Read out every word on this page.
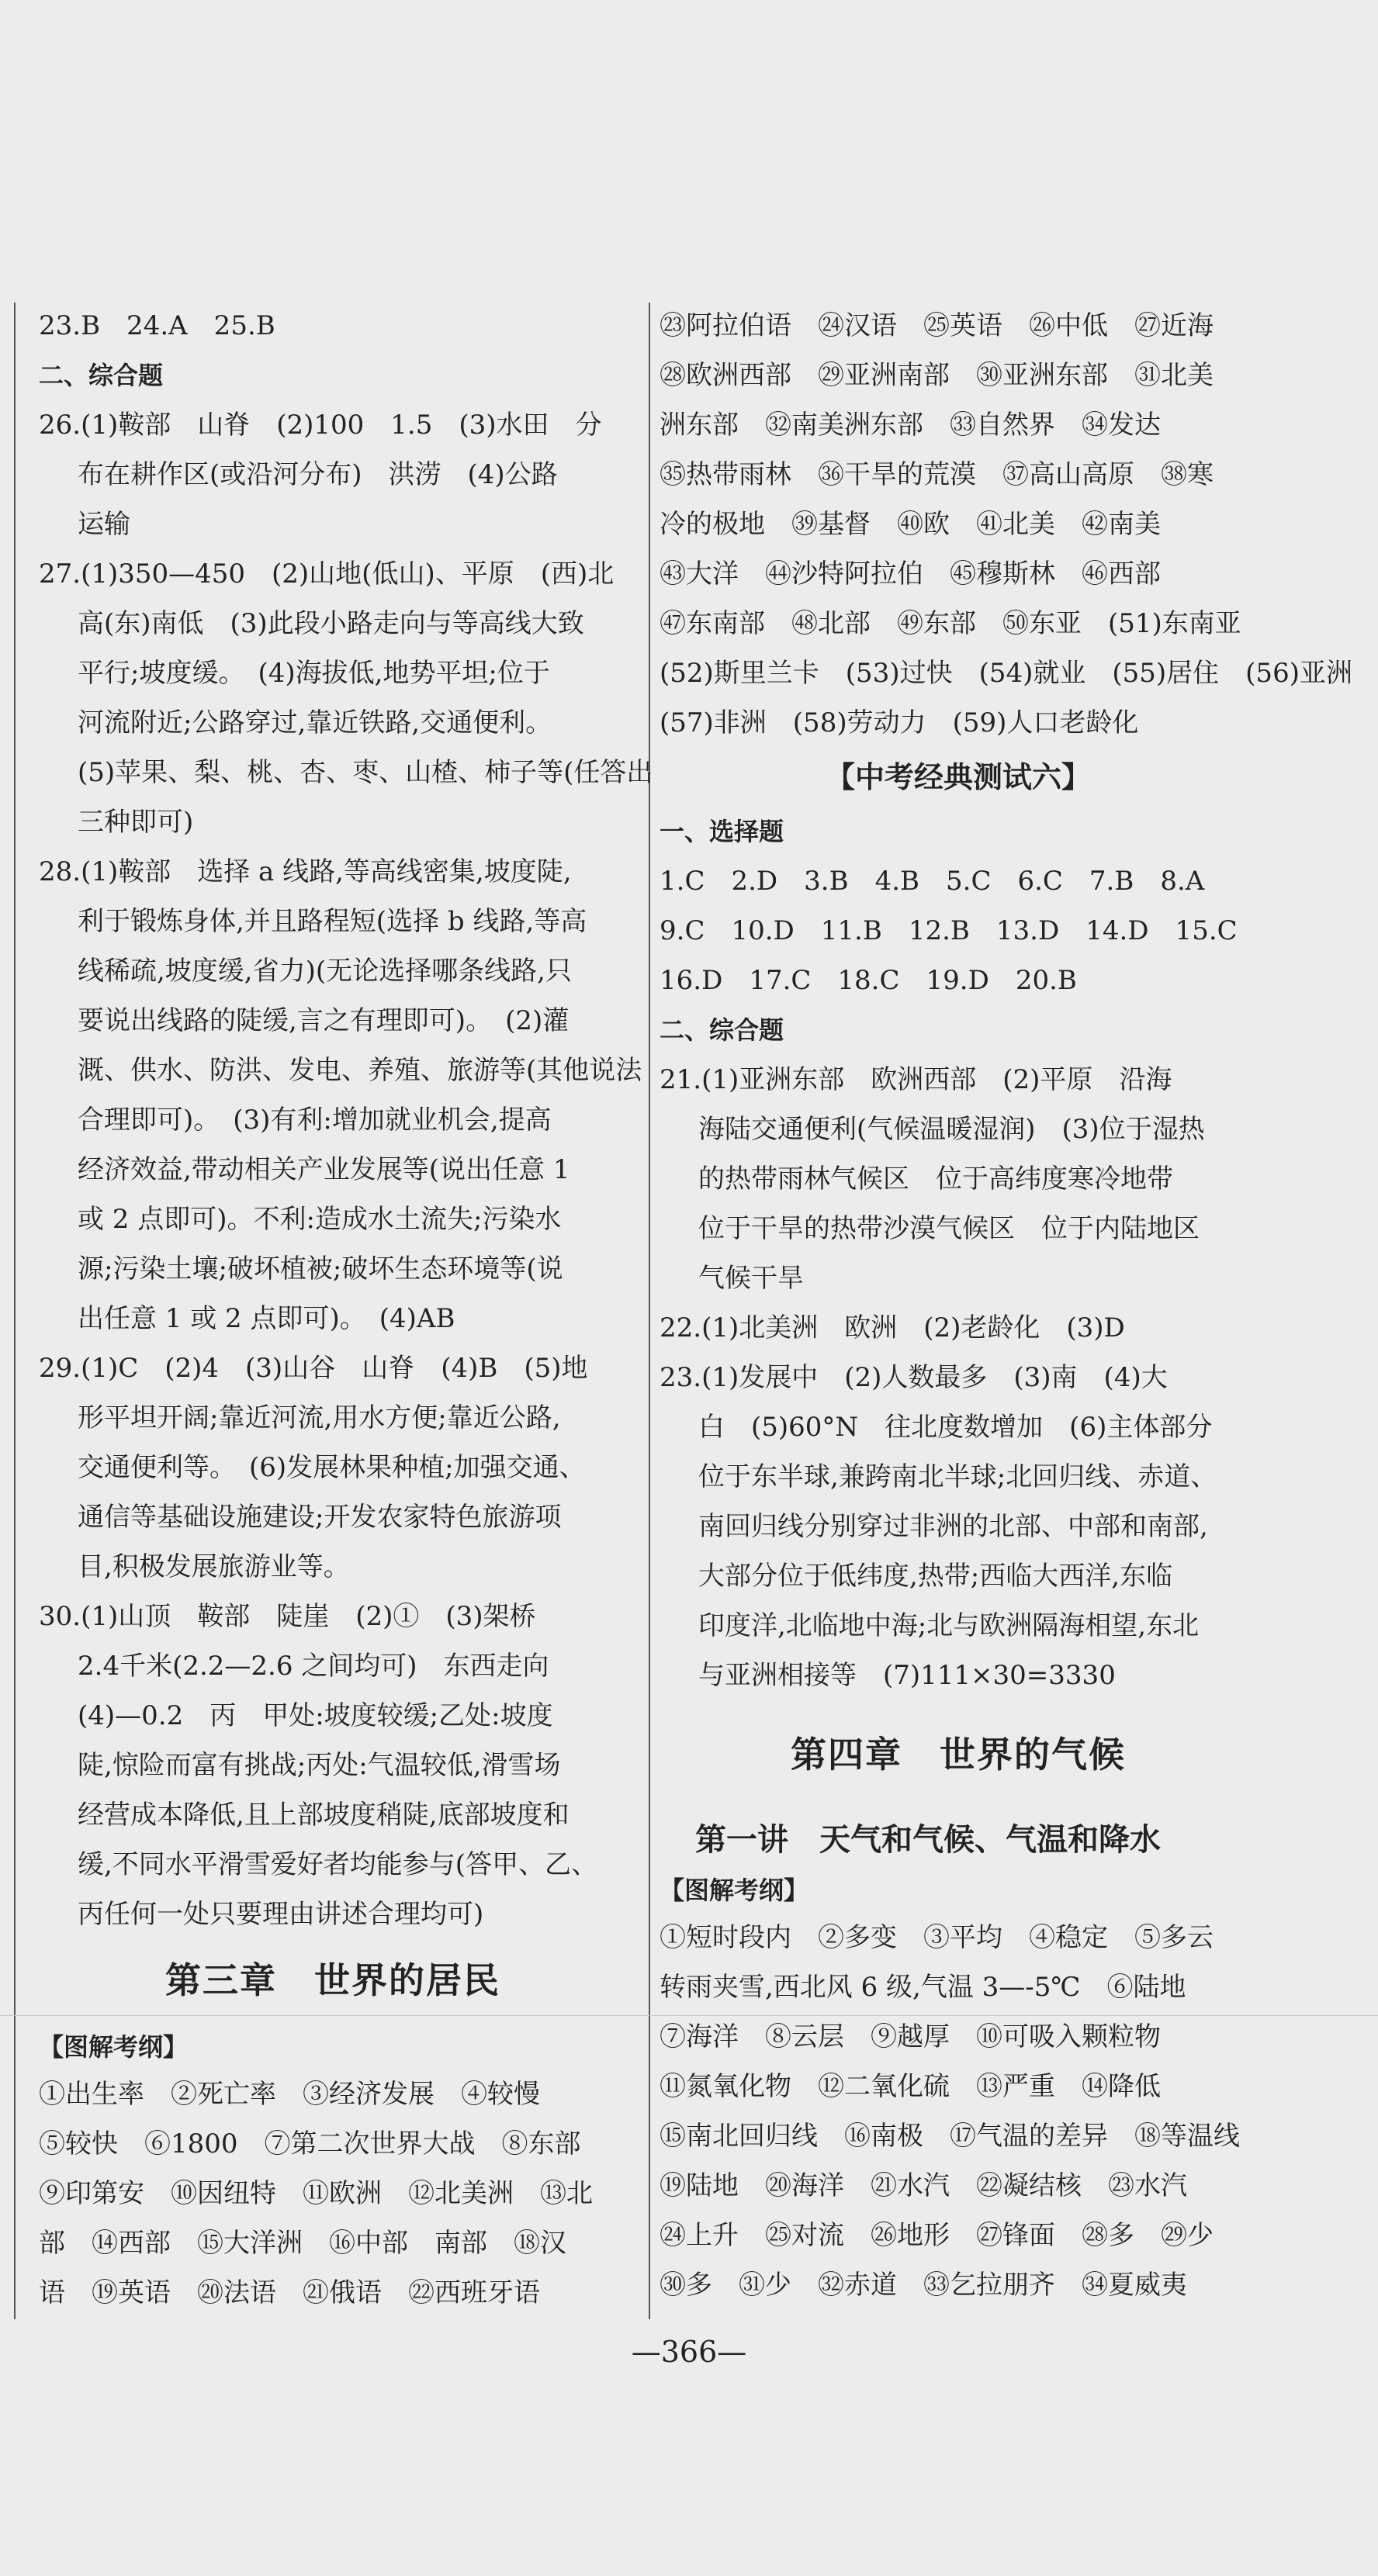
23.B　24.A　25.B
二、综合题
26.(1)鞍部　山脊　(2)100　1.5　(3)水田　分
布在耕作区(或沿河分布)　洪涝　(4)公路
运输
27.(1)350—450　(2)山地(低山)、平原　(西)北
高(东)南低　(3)此段小路走向与等高线大致
平行;坡度缓。　(4)海拔低,地势平坦;位于
河流附近;公路穿过,靠近铁路,交通便利。
(5)苹果、梨、桃、杏、枣、山楂、柿子等(任答出
三种即可)
28.(1)鞍部　选择 a 线路,等高线密集,坡度陡,
利于锻炼身体,并且路程短(选择 b 线路,等高
线稀疏,坡度缓,省力)(无论选择哪条线路,只
要说出线路的陡缓,言之有理即可)。　(2)灌
溉、供水、防洪、发电、养殖、旅游等(其他说法
合理即可)。　(3)有利:增加就业机会,提高
经济效益,带动相关产业发展等(说出任意 1
或 2 点即可)。不利:造成水土流失;污染水
源;污染土壤;破坏植被;破坏生态环境等(说
出任意 1 或 2 点即可)。　(4)AB
29.(1)C　(2)4　(3)山谷　山脊　(4)B　(5)地
形平坦开阔;靠近河流,用水方便;靠近公路,
交通便利等。　(6)发展林果种植;加强交通、
通信等基础设施建设;开发农家特色旅游项
目,积极发展旅游业等。
30.(1)山顶　鞍部　陡崖　(2)①　(3)架桥
2.4千米(2.2—2.6 之间均可)　东西走向
(4)—0.2　丙　甲处:坡度较缓;乙处:坡度
陡,惊险而富有挑战;丙处:气温较低,滑雪场
经营成本降低,且上部坡度稍陡,底部坡度和
缓,不同水平滑雪爱好者均能参与(答甲、乙、
丙任何一处只要理由讲述合理均可)
第三章　世界的居民
【图解考纲】
①出生率　②死亡率　③经济发展　④较慢
⑤较快　⑥1800　⑦第二次世界大战　⑧东部
⑨印第安　⑩因纽特　⑪欧洲　⑫北美洲　⑬北
部　⑭西部　⑮大洋洲　⑯中部　南部　⑱汉
语　⑲英语　⑳法语　㉑俄语　㉒西班牙语
㉓阿拉伯语　㉔汉语　㉕英语　㉖中低　㉗近海
㉘欧洲西部　㉙亚洲南部　㉚亚洲东部　㉛北美
洲东部　㉜南美洲东部　㉝自然界　㉞发达
㉟热带雨林　㊱干旱的荒漠　㊲高山高原　㊳寒
冷的极地　㊴基督　㊵欧　㊶北美　㊷南美
㊸大洋　㊹沙特阿拉伯　㊺穆斯林　㊻西部
㊼东南部　㊽北部　㊾东部　㊿东亚　(51)东南亚
(52)斯里兰卡　(53)过快　(54)就业　(55)居住　(56)亚洲
(57)非洲　(58)劳动力　(59)人口老龄化
【中考经典测试六】
一、选择题
1.C　2.D　3.B　4.B　5.C　6.C　7.B　8.A
9.C　10.D　11.B　12.B　13.D　14.D　15.C
16.D　17.C　18.C　19.D　20.B
二、综合题
21.(1)亚洲东部　欧洲西部　(2)平原　沿海
海陆交通便利(气候温暖湿润)　(3)位于湿热
的热带雨林气候区　位于高纬度寒冷地带
位于干旱的热带沙漠气候区　位于内陆地区
气候干旱
22.(1)北美洲　欧洲　(2)老龄化　(3)D
23.(1)发展中　(2)人数最多　(3)南　(4)大
白　(5)60°N　往北度数增加　(6)主体部分
位于东半球,兼跨南北半球;北回归线、赤道、
南回归线分别穿过非洲的北部、中部和南部,
大部分位于低纬度,热带;西临大西洋,东临
印度洋,北临地中海;北与欧洲隔海相望,东北
与亚洲相接等　(7)111×30=3330
第四章　世界的气候
第一讲　天气和气候、气温和降水
【图解考纲】
①短时段内　②多变　③平均　④稳定　⑤多云
转雨夹雪,西北风 6 级,气温 3—-5℃　⑥陆地
⑦海洋　⑧云层　⑨越厚　⑩可吸入颗粒物
⑪氮氧化物　⑫二氧化硫　⑬严重　⑭降低
⑮南北回归线　⑯南极　⑰气温的差异　⑱等温线
⑲陆地　⑳海洋　㉑水汽　㉒凝结核　㉓水汽
㉔上升　㉕对流　㉖地形　㉗锋面　㉘多　㉙少
㉚多　㉛少　㉜赤道　㉝乞拉朋齐　㉞夏威夷
—366—
